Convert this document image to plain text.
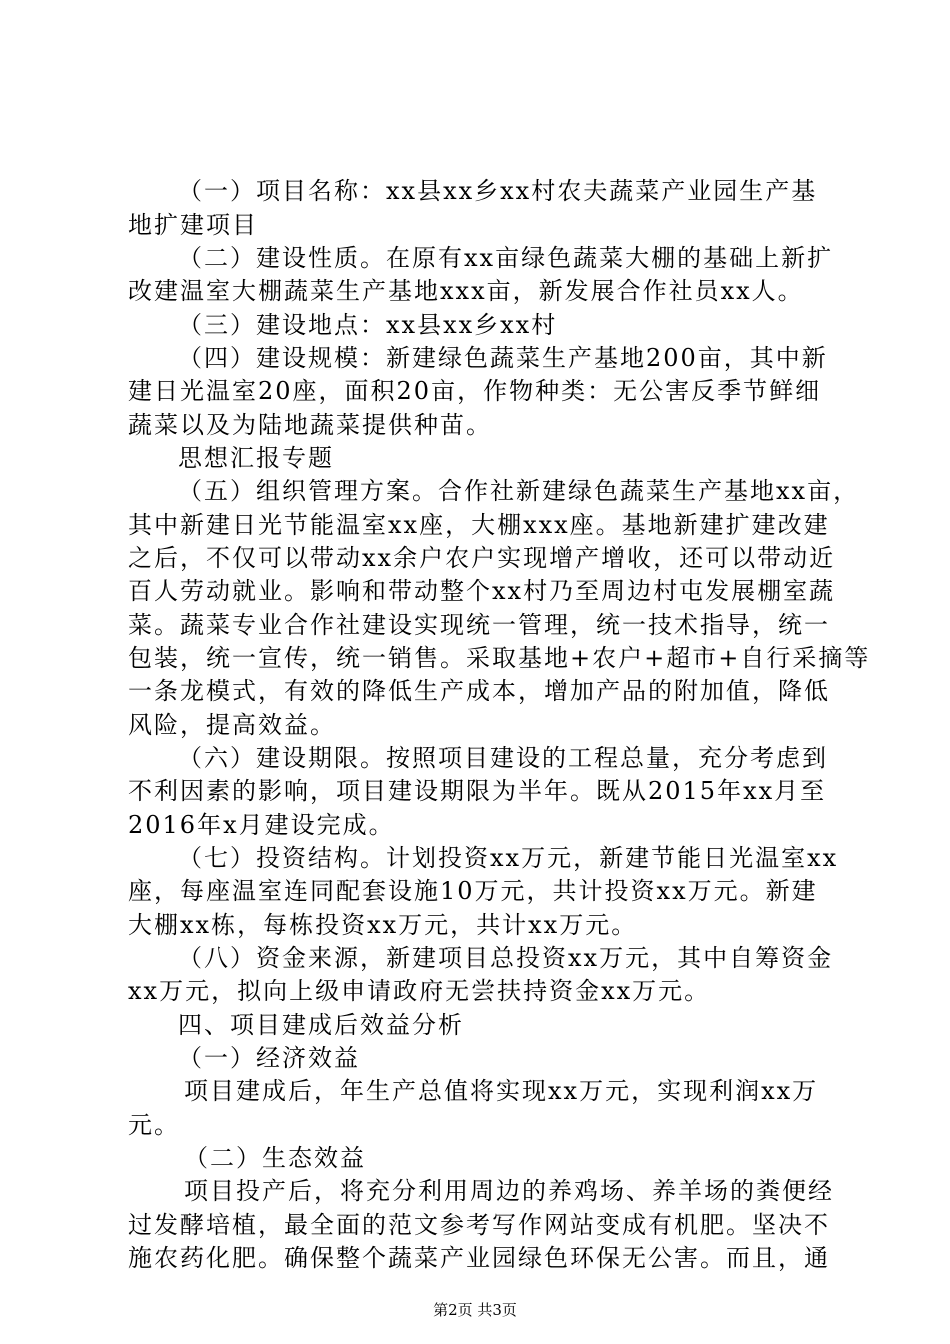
（一）项目名称：xx县xx乡xx村农夫蔬菜产业园生产基
地扩建项目
（二）建设性质。在原有xx亩绿色蔬菜大棚的基础上新扩
改建温室大棚蔬菜生产基地xxx亩，新发展合作社员xx人。
（三）建设地点：xx县xx乡xx村
（四）建设规模：新建绿色蔬菜生产基地200亩，其中新
建日光温室20座，面积20亩，作物种类：无公害反季节鲜细
蔬菜以及为陆地蔬菜提供种苗。
思想汇报专题
（五）组织管理方案。合作社新建绿色蔬菜生产基地xx亩，
其中新建日光节能温室xx座，大棚xxx座。基地新建扩建改建
之后，不仅可以带动xx余户农户实现增产增收，还可以带动近
百人劳动就业。影响和带动整个xx村乃至周边村屯发展棚室蔬
菜。蔬菜专业合作社建设实现统一管理，统一技术指导，统一
包装，统一宣传，统一销售。采取基地+农户+超市+自行采摘等
一条龙模式，有效的降低生产成本，增加产品的附加值，降低
风险，提高效益。
（六）建设期限。按照项目建设的工程总量，充分考虑到
不利因素的影响，项目建设期限为半年。既从2015年xx月至
2016年x月建设完成。
（七）投资结构。计划投资xx万元，新建节能日光温室xx
座，每座温室连同配套设施10万元，共计投资xx万元。新建
大棚xx栋，每栋投资xx万元，共计xx万元。
（八）资金来源，新建项目总投资xx万元，其中自筹资金
xx万元，拟向上级申请政府无尝扶持资金xx万元。
四、项目建成后效益分析
（一）经济效益
项目建成后，年生产总值将实现xx万元，实现利润xx万
元。
（二）生态效益
项目投产后，将充分利用周边的养鸡场、养羊场的粪便经
过发酵培植，最全面的范文参考写作网站变成有机肥。坚决不
施农药化肥。确保整个蔬菜产业园绿色环保无公害。而且，通
第2页 共3页
